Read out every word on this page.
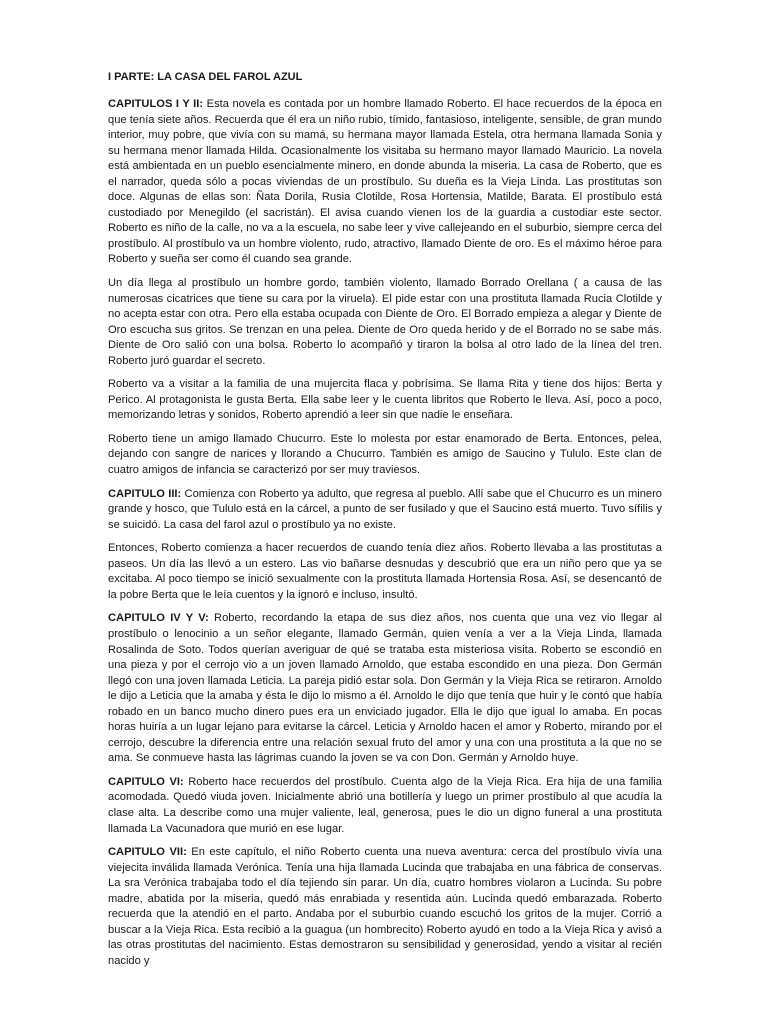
I PARTE: LA CASA DEL FAROL AZUL
CAPITULOS I Y II: Esta novela es contada por un hombre llamado Roberto. El hace recuerdos de la época en que tenía siete años. Recuerda que él era un niño rubio, tímido, fantasioso, inteligente, sensible, de gran mundo interior, muy pobre, que vivía con su mamá, su hermana mayor llamada Estela, otra hermana llamada Sonia y su hermana menor llamada Hilda. Ocasionalmente los visitaba su hermano mayor llamado Mauricio. La novela está ambientada en un pueblo esencialmente minero, en donde abunda la miseria. La casa de Roberto, que es el narrador, queda sólo a pocas viviendas de un prostíbulo. Su dueña es la Vieja Linda. Las prostitutas son doce. Algunas de ellas son: Ñata Dorila, Rusia Clotilde, Rosa Hortensia, Matilde, Barata. El prostíbulo está custodiado por Menegildo (el sacristán). El avisa cuando vienen los de la guardia a custodiar este sector. Roberto es niño de la calle, no va a la escuela, no sabe leer y vive callejeando en el suburbio, siempre cerca del prostíbulo. Al prostíbulo va un hombre violento, rudo, atractivo, llamado Diente de oro. Es el máximo héroe para Roberto y sueña ser como él cuando sea grande.
Un día llega al prostíbulo un hombre gordo, también violento, llamado Borrado Orellana ( a causa de las numerosas cicatrices que tiene su cara por la viruela). El pide estar con una prostituta llamada Rucia Clotilde y no acepta estar con otra. Pero ella estaba ocupada con Diente de Oro. El Borrado empieza a alegar y Diente de Oro escucha sus gritos. Se trenzan en una pelea. Diente de Oro queda herido y de el Borrado no se sabe más. Diente de Oro salió con una bolsa. Roberto lo acompañó y tiraron la bolsa al otro lado de la línea del tren. Roberto juró guardar el secreto.
Roberto va a visitar a la familia de una mujercita flaca y pobrísima. Se llama Rita y tiene dos hijos: Berta y Perico. Al protagonista le gusta Berta. Ella sabe leer y le cuenta libritos que Roberto le lleva. Así, poco a poco, memorizando letras y sonidos, Roberto aprendió a leer sin que nadie le enseñara.
Roberto tiene un amigo llamado Chucurro. Este lo molesta por estar enamorado de Berta. Entonces, pelea, dejando con sangre de narices y llorando a Chucurro. También es amigo de Saucino y Tululo. Este clan de cuatro amigos de infancia se caracterizó por ser muy traviesos.
CAPITULO III: Comienza con Roberto ya adulto, que regresa al pueblo. Allí sabe que el Chucurro es un minero grande y hosco, que Tululo está en la cárcel, a punto de ser fusilado y que el Saucino está muerto. Tuvo sífilis y se suicidó. La casa del farol azul o prostíbulo ya no existe.
Entonces, Roberto comienza a hacer recuerdos de cuando tenía diez años. Roberto llevaba a las prostitutas a paseos. Un día las llevó a un estero. Las vio bañarse desnudas y descubrió que era un niño pero que ya se excitaba. Al poco tiempo se inició sexualmente con la prostituta llamada Hortensia Rosa. Así, se desencantó de la pobre Berta que le leía cuentos y la ignoró e incluso, insultó.
CAPITULO IV Y V: Roberto, recordando la etapa de sus diez años, nos cuenta que una vez vio llegar al prostíbulo o lenocinio a un señor elegante, llamado Germán, quien venía a ver a la Vieja Linda, llamada Rosalinda de Soto. Todos querían averiguar de qué se trataba esta misteriosa visita. Roberto se escondió en una pieza y por el cerrojo vio a un joven llamado Arnoldo, que estaba escondido en una pieza. Don Germán llegó con una joven llamada Leticia. La pareja pidió estar sola. Don Germán y la Vieja Rica se retiraron. Arnoldo le dijo a Leticia que la amaba y ésta le dijo lo mismo a él. Arnoldo le dijo que tenía que huir y le contó que había robado en un banco mucho dinero pues era un enviciado jugador. Ella le dijo que igual lo amaba. En pocas horas huiría a un lugar lejano para evitarse la cárcel. Leticia y Arnoldo hacen el amor y Roberto, mirando por el cerrojo, descubre la diferencia entre una relación sexual fruto del amor y una con una prostituta a la que no se ama. Se conmueve hasta las lágrimas cuando la joven se va con Don. Germán y Arnoldo huye.
CAPITULO VI: Roberto hace recuerdos del prostíbulo. Cuenta algo de la Vieja Rica. Era hija de una familia acomodada. Quedó viuda joven. Inicialmente abrió una botillería y luego un primer prostíbulo al que acudía la clase alta. La describe como una mujer valiente, leal, generosa, pues le dio un digno funeral a una prostituta llamada La Vacunadora que murió en ese lugar.
CAPITULO VII: En este capítulo, el niño Roberto cuenta una nueva aventura: cerca del prostíbulo vivía una viejecita inválida llamada Verónica. Tenía una hija llamada Lucinda que trabajaba en una fábrica de conservas. La sra Verónica trabajaba todo el día tejiendo sin parar. Un día, cuatro hombres violaron a Lucinda. Su pobre madre, abatida por la miseria, quedó más enrabiada y resentida aún. Lucinda quedó embarazada. Roberto recuerda que la atendió en el parto. Andaba por el suburbio cuando escuchó los gritos de la mujer. Corrió a buscar a la Vieja Rica. Esta recibió a la guagua (un hombrecito) Roberto ayudó en todo a la Vieja Rica y avisó a las otras prostitutas del nacimiento. Estas demostraron su sensibilidad y generosidad, yendo a visitar al recién nacido y
